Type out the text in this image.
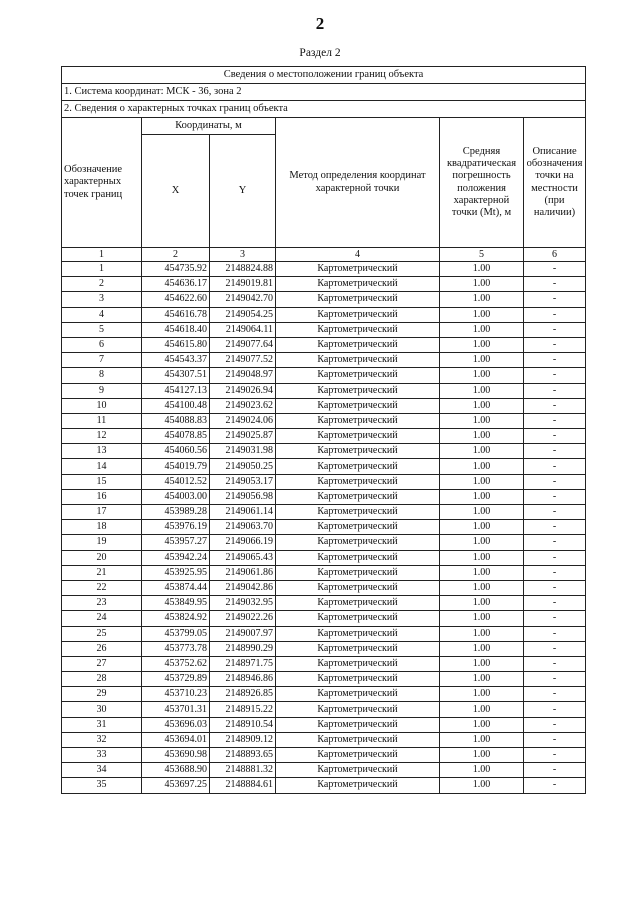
2
Раздел 2
Сведения о местоположении границ объекта					
1. Система координат: МСК - 36, зона 2					
2. Сведения о характерных точках границ объекта					
Обозначение характерных точек границ	Координаты, м		Метод определения координат характерной точки	Средняя квадратическая погрешность положения характерной точки (Mt), м	Описание обозначения точки на местности (при наличии)
	X	Y			
1	2	3	4	5	6
1	454735.92	2148824.88	Картометрический	1.00	-
2	454636.17	2149019.81	Картометрический	1.00	-
3	454622.60	2149042.70	Картометрический	1.00	-
4	454616.78	2149054.25	Картометрический	1.00	-
5	454618.40	2149064.11	Картометрический	1.00	-
6	454615.80	2149077.64	Картометрический	1.00	-
7	454543.37	2149077.52	Картометрический	1.00	-
8	454307.51	2149048.97	Картометрический	1.00	-
9	454127.13	2149026.94	Картометрический	1.00	-
10	454100.48	2149023.62	Картометрический	1.00	-
11	454088.83	2149024.06	Картометрический	1.00	-
12	454078.85	2149025.87	Картометрический	1.00	-
13	454060.56	2149031.98	Картометрический	1.00	-
14	454019.79	2149050.25	Картометрический	1.00	-
15	454012.52	2149053.17	Картометрический	1.00	-
16	454003.00	2149056.98	Картометрический	1.00	-
17	453989.28	2149061.14	Картометрический	1.00	-
18	453976.19	2149063.70	Картометрический	1.00	-
19	453957.27	2149066.19	Картометрический	1.00	-
20	453942.24	2149065.43	Картометрический	1.00	-
21	453925.95	2149061.86	Картометрический	1.00	-
22	453874.44	2149042.86	Картометрический	1.00	-
23	453849.95	2149032.95	Картометрический	1.00	-
24	453824.92	2149022.26	Картометрический	1.00	-
25	453799.05	2149007.97	Картометрический	1.00	-
26	453773.78	2148990.29	Картометрический	1.00	-
27	453752.62	2148971.75	Картометрический	1.00	-
28	453729.89	2148946.86	Картометрический	1.00	-
29	453710.23	2148926.85	Картометрический	1.00	-
30	453701.31	2148915.22	Картометрический	1.00	-
31	453696.03	2148910.54	Картометрический	1.00	-
32	453694.01	2148909.12	Картометрический	1.00	-
33	453690.98	2148893.65	Картометрический	1.00	-
34	453688.90	2148881.32	Картометрический	1.00	-
35	453697.25	2148884.61	Картометрический	1.00	-
